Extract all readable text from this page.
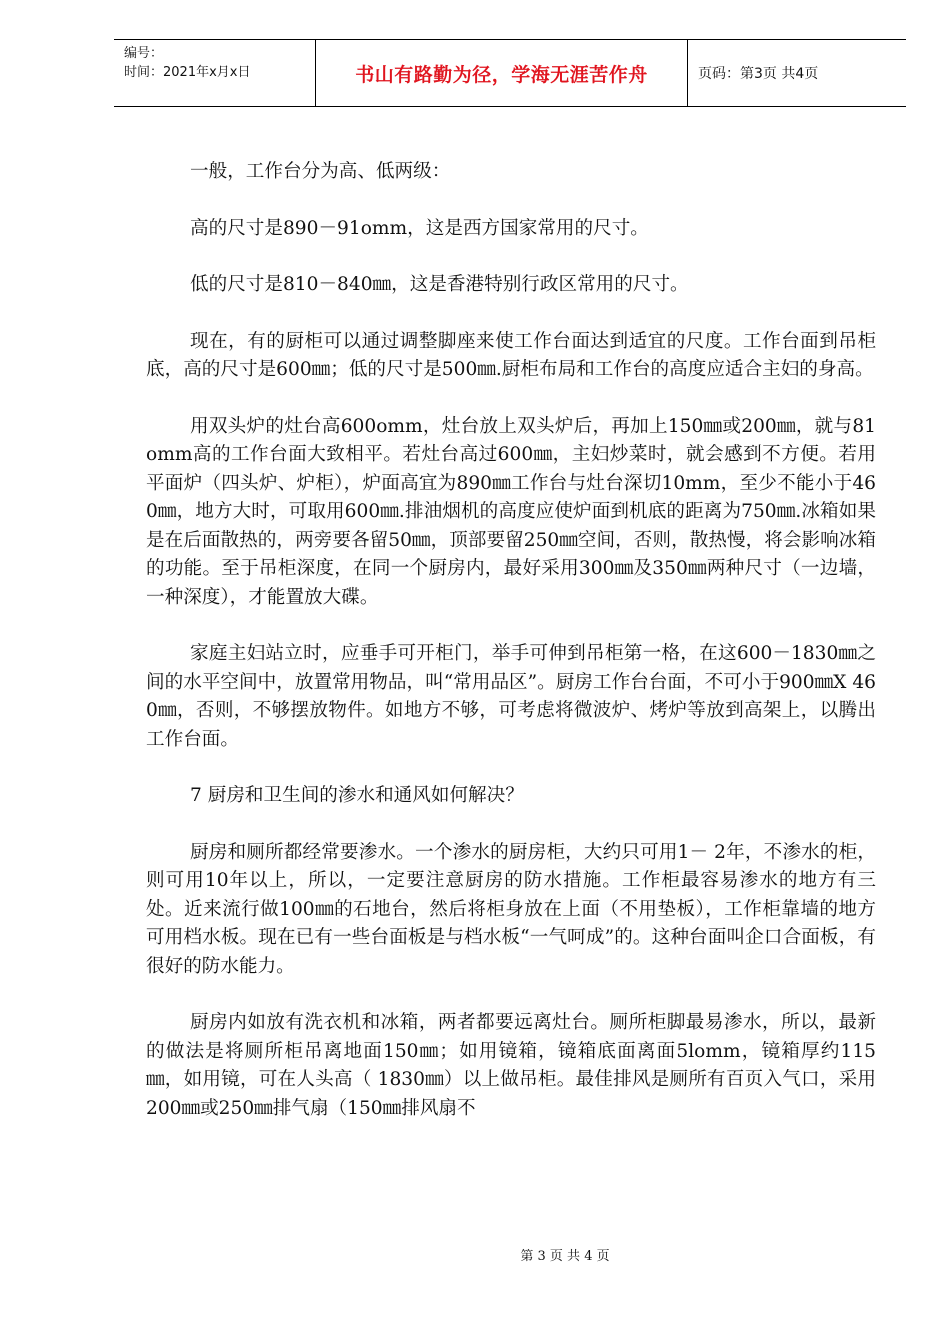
编号：
时间：2021年x月x日	书山有路勤为径，学海无涯苦作舟	页码：第3页 共4页

一般，工作台分为高、低两级：

高的尺寸是890－91omm，这是西方国家常用的尺寸。

低的尺寸是810－840㎜，这是香港特别行政区常用的尺寸。

现在，有的厨柜可以通过调整脚座来使工作台面达到适宜的尺度。工作台面到吊柜底，高的尺寸是600㎜；低的尺寸是500㎜.厨柜布局和工作台的高度应适合主妇的身高。

用双头炉的灶台高600omm，灶台放上双头炉后，再加上150㎜或200㎜，就与81 omm高的工作台面大致相平。若灶台高过600㎜，主妇炒菜时，就会感到不方便。若用平面炉（四头炉、炉柜），炉面高宜为890㎜工作台与灶台深切10mm，至少不能小于460㎜，地方大时，可取用600㎜.排油烟机的高度应使炉面到机底的距离为750㎜.冰箱如果是在后面散热的，两旁要各留50㎜，顶部要留250㎜空间，否则，散热慢，将会影响冰箱的功能。至于吊柜深度，在同一个厨房内，最好采用300㎜及350㎜两种尺寸（一边墙，一种深度），才能置放大碟。

家庭主妇站立时，应垂手可开柜门，举手可伸到吊柜第一格，在这600－1830㎜之间的水平空间中，放置常用物品，叫“常用品区”。厨房工作台台面，不可小于900㎜X 460㎜，否则，不够摆放物件。如地方不够，可考虑将微波炉、烤炉等放到高架上，以腾出工作台面。

7 厨房和卫生间的渗水和通风如何解决？

厨房和厕所都经常要渗水。一个渗水的厨房柜，大约只可用1－ 2年，不渗水的柜，则可用10年以上，所以，一定要注意厨房的防水措施。工作柜最容易渗水的地方有三处。近来流行做100㎜的石地台，然后将柜身放在上面（不用垫板），工作柜靠墙的地方可用档水板。现在已有一些台面板是与档水板“一气呵成”的。这种台面叫企口合面板，有很好的防水能力。

厨房内如放有洗衣机和冰箱，两者都要远离灶台。厕所柜脚最易渗水，所以，最新的做法是将厕所柜吊离地面150㎜；如用镜箱，镜箱底面离面5lomm，镜箱厚约115㎜，如用镜，可在人头高（ 1830㎜）以上做吊柜。最佳排风是厕所有百页入气口，采用200㎜或250㎜排气扇（150㎜排风扇不

第 3 页 共 4 页
